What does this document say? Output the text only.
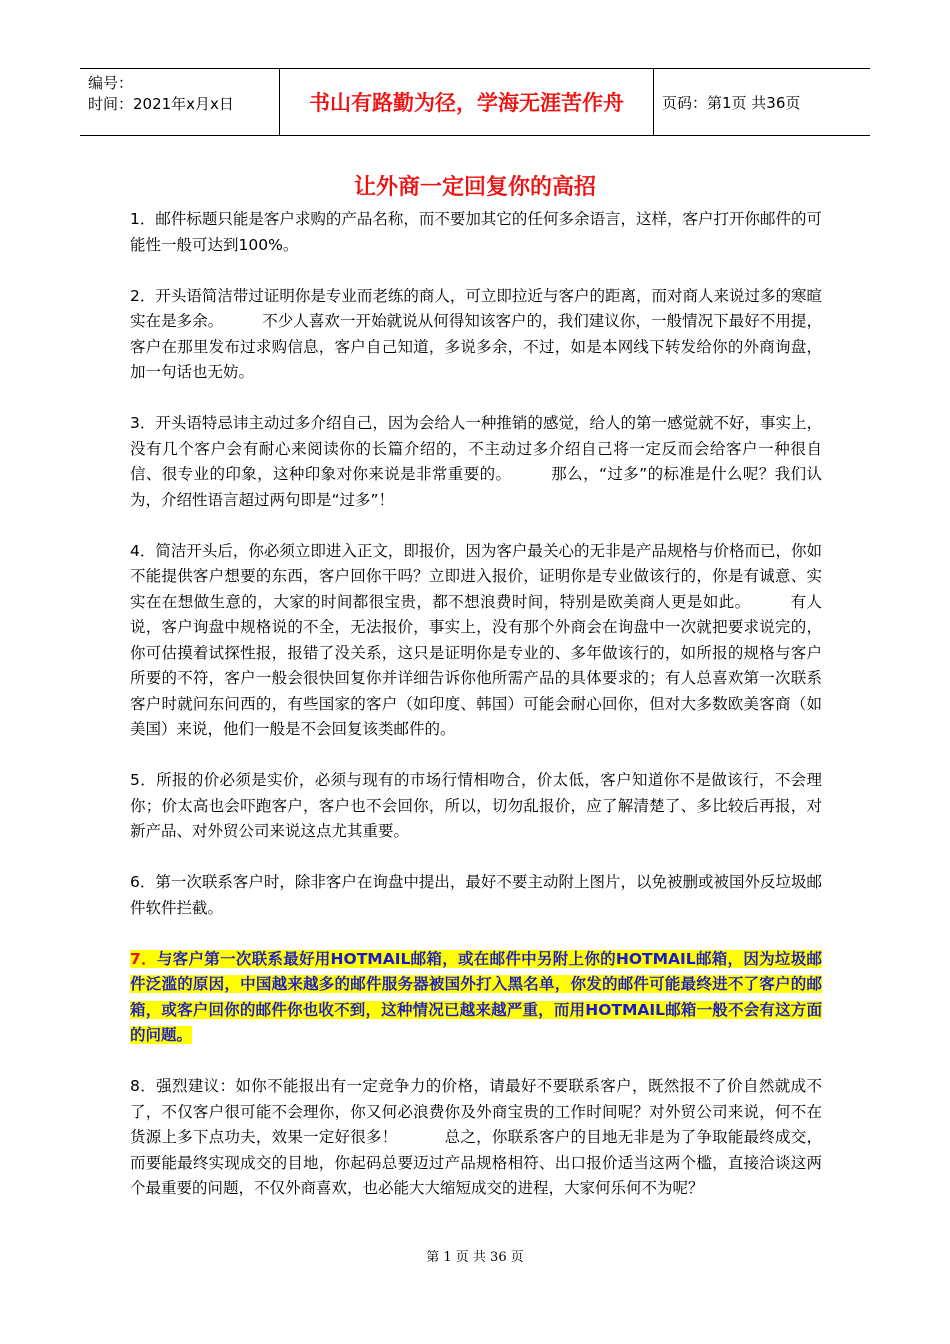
编号：
时间：2021年x月x日	书山有路勤为径，学海无涯苦作舟	页码：第1页 共36页
让外商一定回复你的高招

1．邮件标题只能是客户求购的产品名称，而不要加其它的任何多余语言，这样，客户打开你邮件的可能性一般可达到100%。

2．开头语简洁带过证明你是专业而老练的商人，可立即拉近与客户的距离，而对商人来说过多的寒暄实在是多余。　　　不少人喜欢一开始就说从何得知该客户的，我们建议你，一般情况下最好不用提，客户在那里发布过求购信息，客户自己知道，多说多余，不过，如是本网线下转发给你的外商询盘，加一句话也无妨。

3．开头语特忌讳主动过多介绍自己，因为会给人一种推销的感觉，给人的第一感觉就不好，事实上，没有几个客户会有耐心来阅读你的长篇介绍的，不主动过多介绍自己将一定反而会给客户一种很自信、很专业的印象，这种印象对你来说是非常重要的。　　　那么，“过多”的标准是什么呢？我们认为，介绍性语言超过两句即是“过多”！

4．简洁开头后，你必须立即进入正文，即报价，因为客户最关心的无非是产品规格与价格而已，你如不能提供客户想要的东西，客户回你干吗？立即进入报价，证明你是专业做该行的，你是有诚意、实实在在想做生意的，大家的时间都很宝贵，都不想浪费时间，特别是欧美商人更是如此。　　　有人说，客户询盘中规格说的不全，无法报价，事实上，没有那个外商会在询盘中一次就把要求说完的，你可估摸着试探性报，报错了没关系，这只是证明你是专业的、多年做该行的，如所报的规格与客户所要的不符，客户一般会很快回复你并详细告诉你他所需产品的具体要求的；有人总喜欢第一次联系客户时就问东问西的，有些国家的客户（如印度、韩国）可能会耐心回你，但对大多数欧美客商（如美国）来说，他们一般是不会回复该类邮件的。

5．所报的价必须是实价，必须与现有的市场行情相吻合，价太低，客户知道你不是做该行，不会理你；价太高也会吓跑客户，客户也不会回你，所以，切勿乱报价，应了解清楚了、多比较后再报，对新产品、对外贸公司来说这点尤其重要。

6．第一次联系客户时，除非客户在询盘中提出，最好不要主动附上图片，以免被删或被国外反垃圾邮件软件拦截。

7．与客户第一次联系最好用HOTMAIL邮箱，或在邮件中另附上你的HOTMAIL邮箱，因为垃圾邮件泛滥的原因，中国越来越多的邮件服务器被国外打入黑名单，你发的邮件可能最终进不了客户的邮箱，或客户回你的邮件你也收不到，这种情况已越来越严重，而用HOTMAIL邮箱一般不会有这方面的问题。

8．强烈建议：如你不能报出有一定竞争力的价格，请最好不要联系客户，既然报不了价自然就成不了，不仅客户很可能不会理你，你又何必浪费你及外商宝贵的工作时间呢？对外贸公司来说，何不在货源上多下点功夫，效果一定好很多！　　　总之，你联系客户的目地无非是为了争取能最终成交，而要能最终实现成交的目地，你起码总要迈过产品规格相符、出口报价适当这两个槛，直接洽谈这两个最重要的问题，不仅外商喜欢，也必能大大缩短成交的进程，大家何乐何不为呢？

第 1 页 共 36 页
